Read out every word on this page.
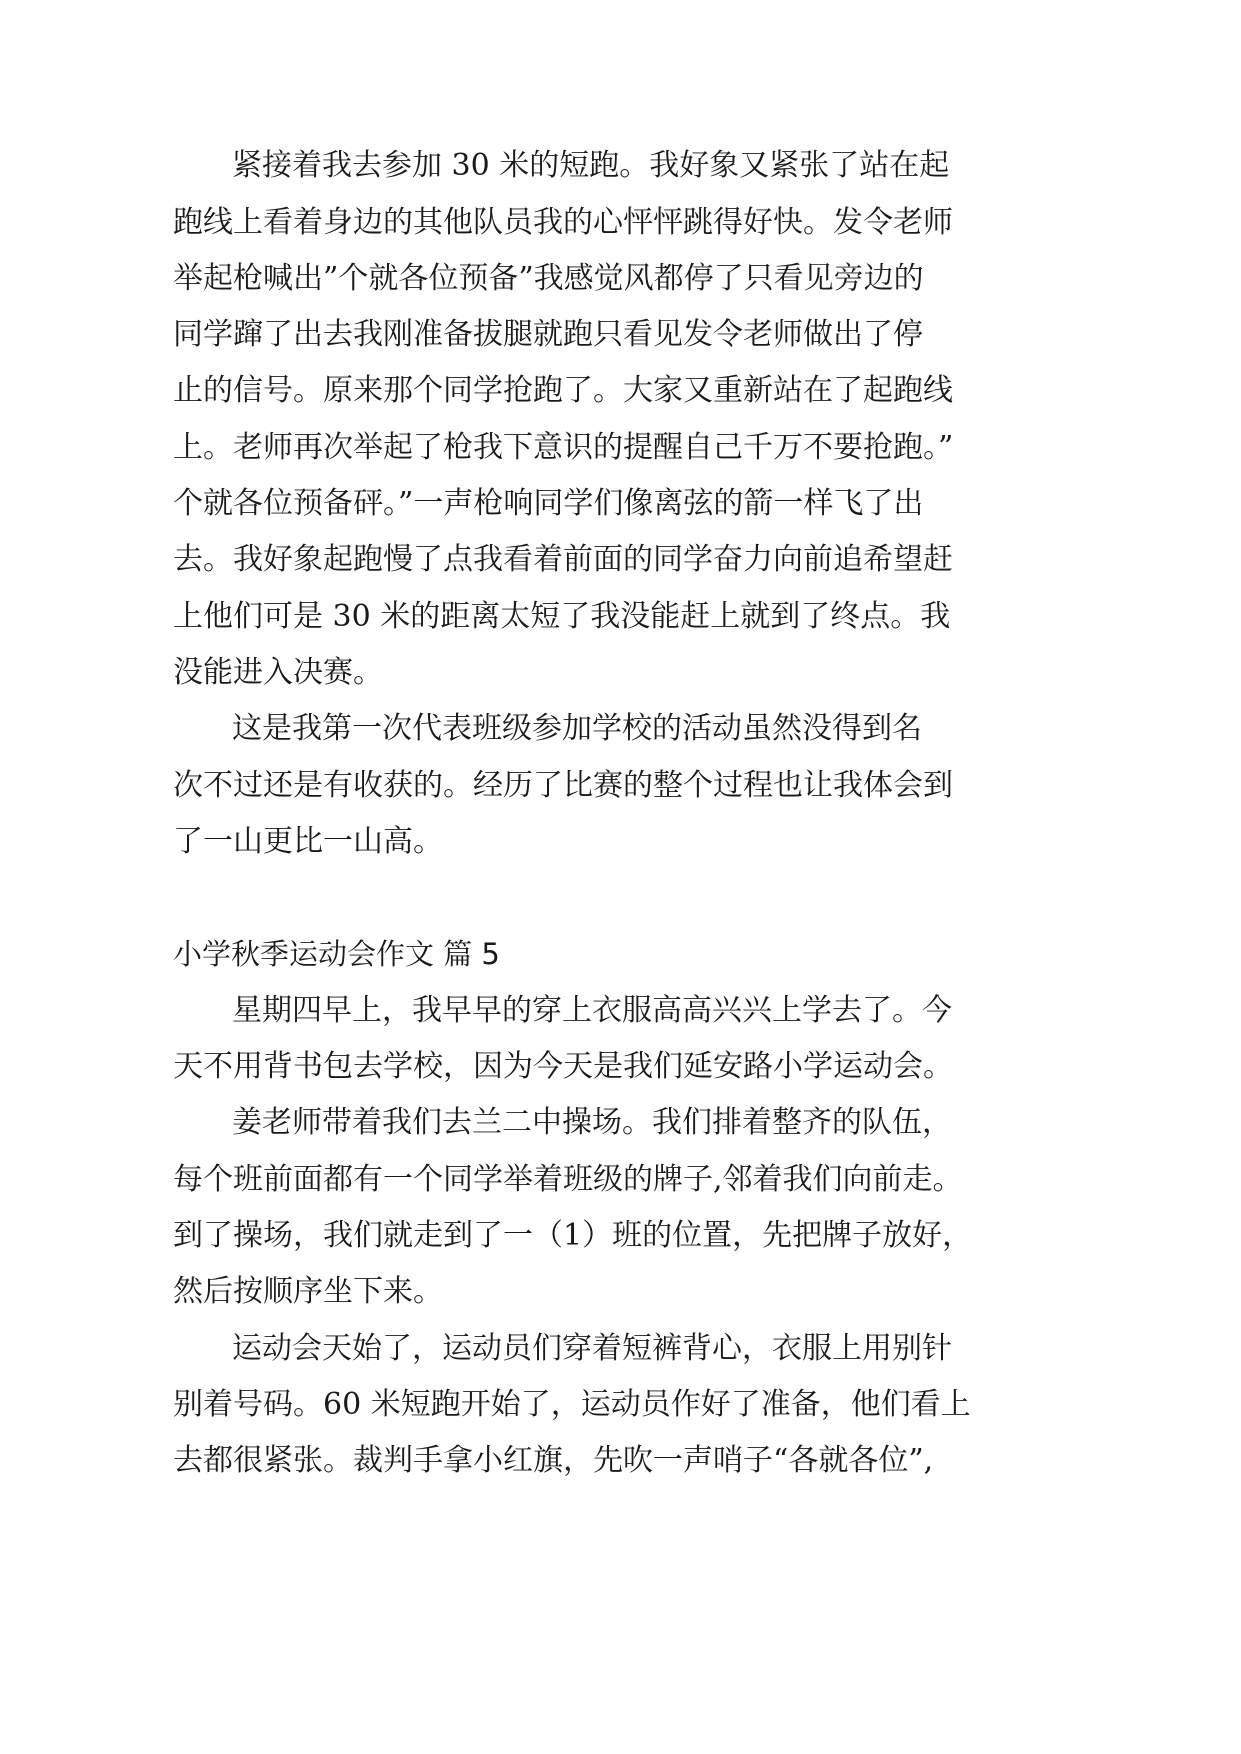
紧接着我去参加 30 米的短跑。我好象又紧张了站在起

跑线上看着身边的其他队员我的心怦怦跳得好快。发令老师

举起枪喊出”个就各位预备”我感觉风都停了只看见旁边的

同学蹿了出去我刚准备拔腿就跑只看见发令老师做出了停

止的信号。原来那个同学抢跑了。大家又重新站在了起跑线

上。老师再次举起了枪我下意识的提醒自己千万不要抢跑。”

个就各位预备砰。”一声枪响同学们像离弦的箭一样飞了出

去。我好象起跑慢了点我看着前面的同学奋力向前追希望赶

上他们可是 30 米的距离太短了我没能赶上就到了终点。我

没能进入决赛。

这是我第一次代表班级参加学校的活动虽然没得到名

次不过还是有收获的。经历了比赛的整个过程也让我体会到

了一山更比一山高。

小学秋季运动会作文 篇 5

星期四早上，我早早的穿上衣服高高兴兴上学去了。今

天不用背书包去学校，因为今天是我们延安路小学运动会。

姜老师带着我们去兰二中操场。我们排着整齐的队伍，

每个班前面都有一个同学举着班级的牌子,邻着我们向前走。

到了操场，我们就走到了一（1）班的位置，先把牌子放好，

然后按顺序坐下来。

运动会天始了，运动员们穿着短裤背心，衣服上用别针

别着号码。60 米短跑开始了，运动员作好了准备，他们看上

去都很紧张。裁判手拿小红旗，先吹一声哨子“各就各位”,
